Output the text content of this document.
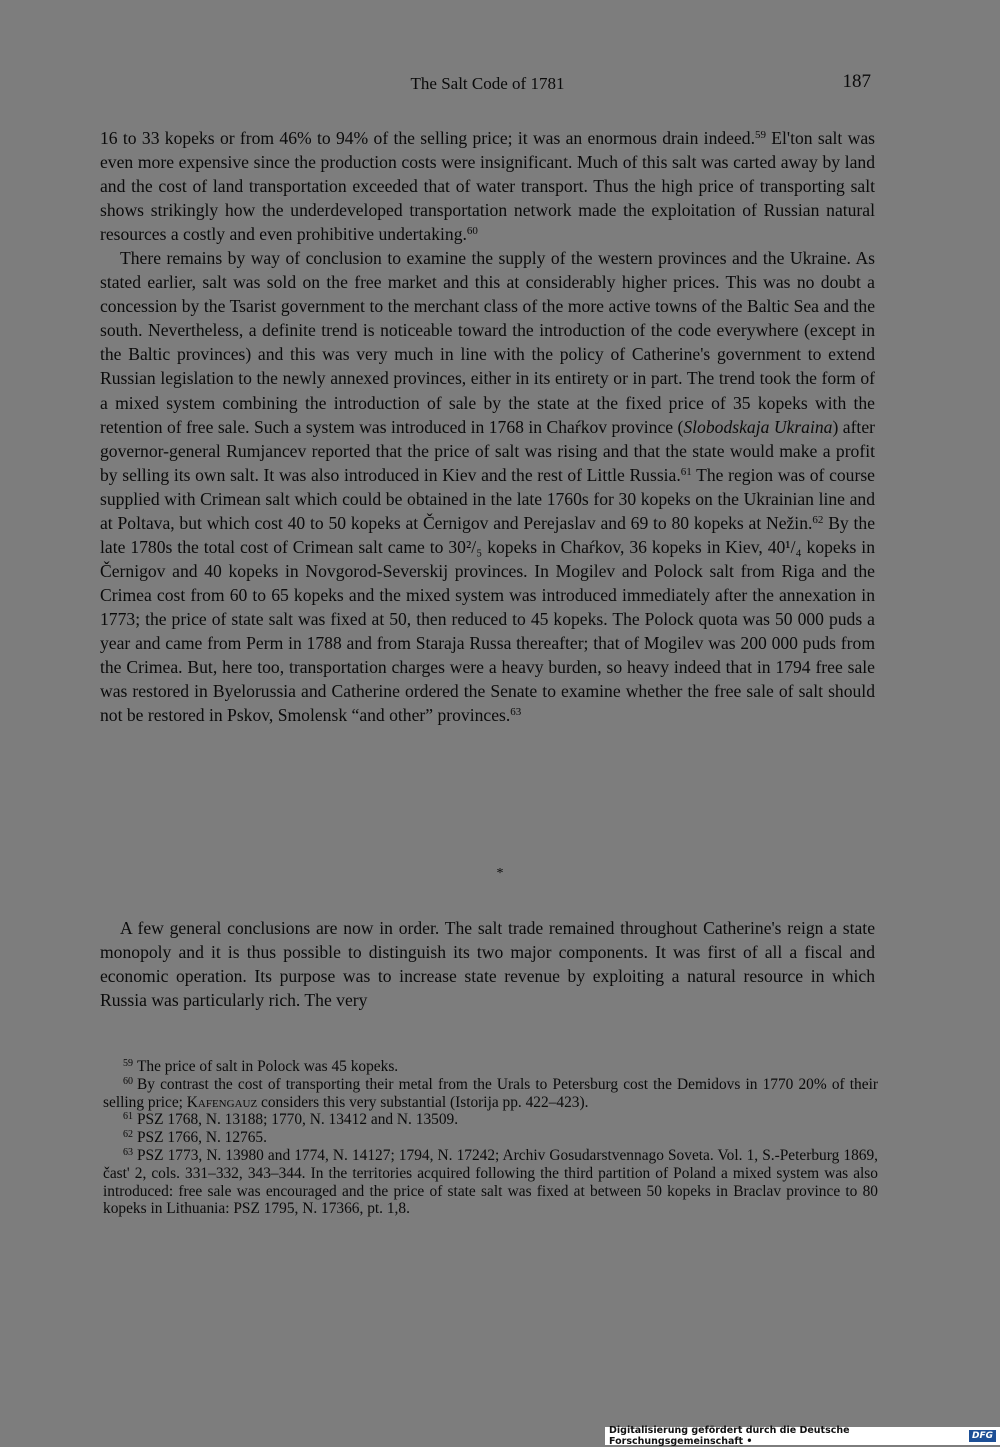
The Salt Code of 1781	187

16 to 33 kopeks or from 46% to 94% of the selling price; it was an enormous drain indeed.$^{59}$ El'ton salt was even more expensive since the production costs were insignificant. Much of this salt was carted away by land and the cost of land transportation exceeded that of water transport. Thus the high price of transporting salt shows strikingly how the underdeveloped transportation network made the exploitation of Russian natural resources a costly and even prohibitive undertaking.$^{60}$

There remains by way of conclusion to examine the supply of the western provinces and the Ukraine. As stated earlier, salt was sold on the free market and this at considerably higher prices. This was no doubt a concession by the Tsarist government to the merchant class of the more active towns of the Baltic Sea and the south. Nevertheless, a definite trend is noticeable toward the introduction of the code everywhere (except in the Baltic provinces) and this was very much in line with the policy of Catherine's government to extend Russian legislation to the newly annexed provinces, either in its entirety or in part. The trend took the form of a mixed system combining the introduction of sale by the state at the fixed price of 35 kopeks with the retention of free sale. Such a system was introduced in 1768 in Chaŕkov province (Slobodskaja Ukraina) after governor-general Rumjancev reported that the price of salt was rising and that the state would make a profit by selling its own salt. It was also introduced in Kiev and the rest of Little Russia.$^{61}$ The region was of course supplied with Crimean salt which could be obtained in the late 1760s for 30 kopeks on the Ukrainian line and at Poltava, but which cost 40 to 50 kopeks at Černigov and Perejaslav and 69 to 80 kopeks at Nežin.$^{62}$ By the late 1780s the total cost of Crimean salt came to 30²/₅ kopeks in Chaŕkov, 36 kopeks in Kiev, 40¹/₄ kopeks in Černigov and 40 kopeks in Novgorod-Severskij provinces. In Mogilev and Polock salt from Riga and the Crimea cost from 60 to 65 kopeks and the mixed system was introduced immediately after the annexation in 1773; the price of state salt was fixed at 50, then reduced to 45 kopeks. The Polock quota was 50 000 puds a year and came from Perm in 1788 and from Staraja Russa thereafter; that of Mogilev was 200 000 puds from the Crimea. But, here too, transportation charges were a heavy burden, so heavy indeed that in 1794 free sale was restored in Byelorussia and Catherine ordered the Senate to examine whether the free sale of salt should not be restored in Pskov, Smolensk “and other” provinces.$^{63}$

*

A few general conclusions are now in order. The salt trade remained throughout Catherine's reign a state monopoly and it is thus possible to distinguish its two major components. It was first of all a fiscal and economic operation. Its purpose was to increase state revenue by exploiting a natural resource in which Russia was particularly rich. The very

$^{59}$ The price of salt in Polock was 45 kopeks.

$^{60}$ By contrast the cost of transporting their metal from the Urals to Petersburg cost the Demidovs in 1770 20% of their selling price; Kafengauz considers this very substantial (Istorija pp. 422–423).

$^{61}$ PSZ 1768, N. 13188; 1770, N. 13412 and N. 13509.

$^{62}$ PSZ 1766, N. 12765.

$^{63}$ PSZ 1773, N. 13980 and 1774, N. 14127; 1794, N. 17242; Archiv Gosudarstvennago Soveta. Vol. 1, S.-Peterburg 1869, čast' 2, cols. 331–332, 343–344. In the territories acquired following the third partition of Poland a mixed system was also introduced: free sale was encouraged and the price of state salt was fixed at between 50 kopeks in Braclav province to 80 kopeks in Lithuania: PSZ 1795, N. 17366, pt. 1,8.

Digitalisierung gefördert durch die Deutsche Forschungsgemeinschaft •	DFG
